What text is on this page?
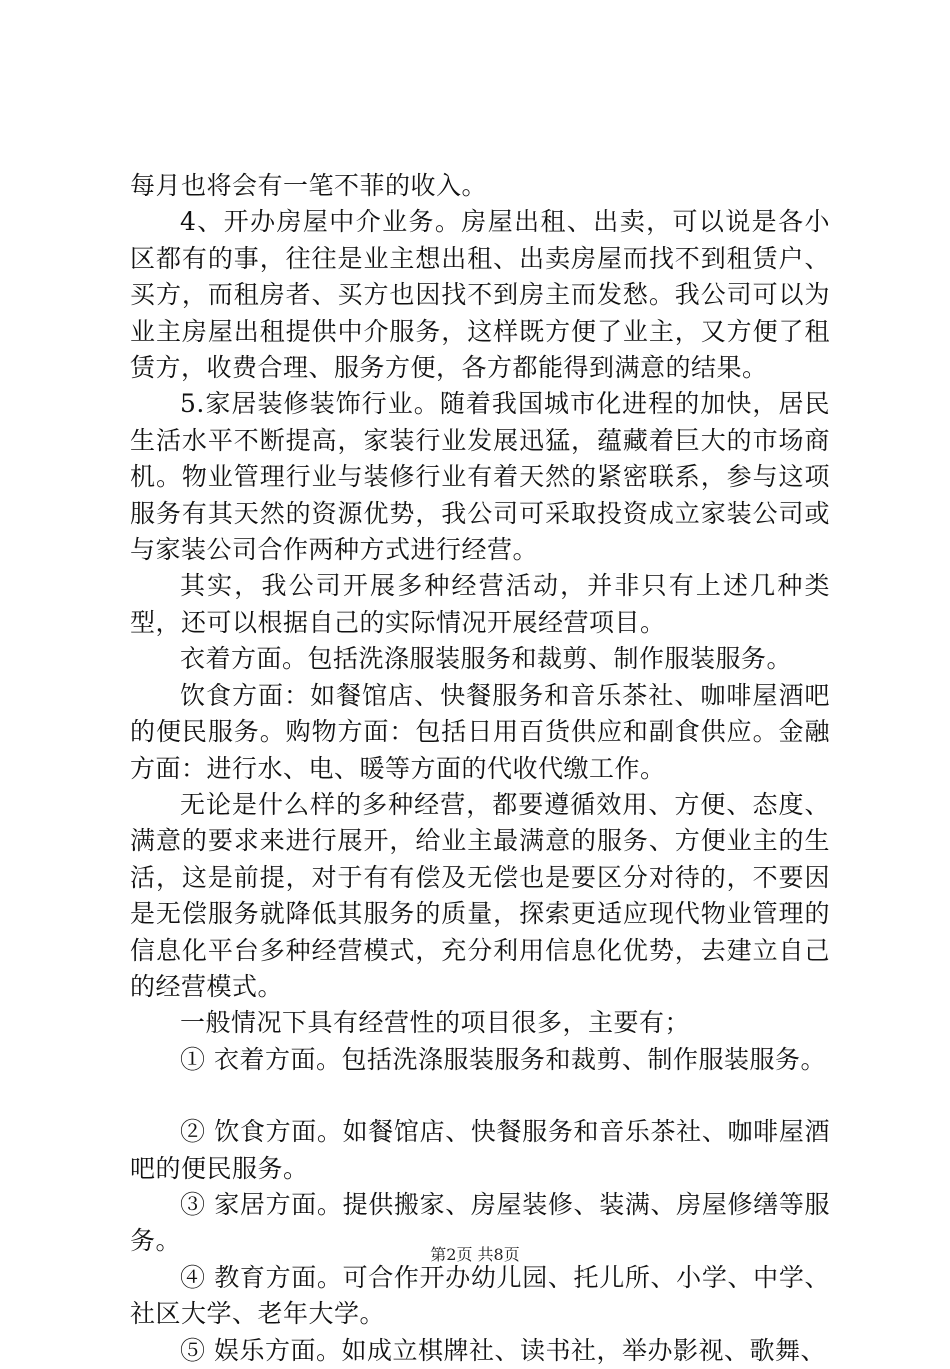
每月也将会有一笔不菲的收入。

4、开办房屋中介业务。房屋出租、出卖，可以说是各小区都有的事，往往是业主想出租、出卖房屋而找不到租赁户、买方，而租房者、买方也因找不到房主而发愁。我公司可以为业主房屋出租提供中介服务，这样既方便了业主，又方便了租赁方，收费合理、服务方便，各方都能得到满意的结果。

5.家居装修装饰行业。随着我国城市化进程的加快，居民生活水平不断提高，家装行业发展迅猛，蕴藏着巨大的市场商机。物业管理行业与装修行业有着天然的紧密联系，参与这项服务有其天然的资源优势，我公司可采取投资成立家装公司或与家装公司合作两种方式进行经营。

其实，我公司开展多种经营活动，并非只有上述几种类型，还可以根据自己的实际情况开展经营项目。

衣着方面。包括洗涤服装服务和裁剪、制作服装服务。

饮食方面：如餐馆店、快餐服务和音乐茶社、咖啡屋酒吧的便民服务。购物方面：包括日用百货供应和副食供应。金融方面：进行水、电、暖等方面的代收代缴工作。

无论是什么样的多种经营，都要遵循效用、方便、态度、满意的要求来进行展开，给业主最满意的服务、方便业主的生活，这是前提，对于有有偿及无偿也是要区分对待的，不要因是无偿服务就降低其服务的质量，探索更适应现代物业管理的信息化平台多种经营模式，充分利用信息化优势，去建立自己的经营模式。

一般情况下具有经营性的项目很多，主要有；

① 衣着方面。包括洗涤服装服务和裁剪、制作服装服务。

② 饮食方面。如餐馆店、快餐服务和音乐茶社、咖啡屋酒吧的便民服务。

③ 家居方面。提供搬家、房屋装修、装满、房屋修缮等服务。

④ 教育方面。可合作开办幼儿园、托儿所、小学、中学、社区大学、老年大学。

⑤ 娱乐方面。如成立棋牌社、读书社，举办影视、歌舞、

第2页 共8页
